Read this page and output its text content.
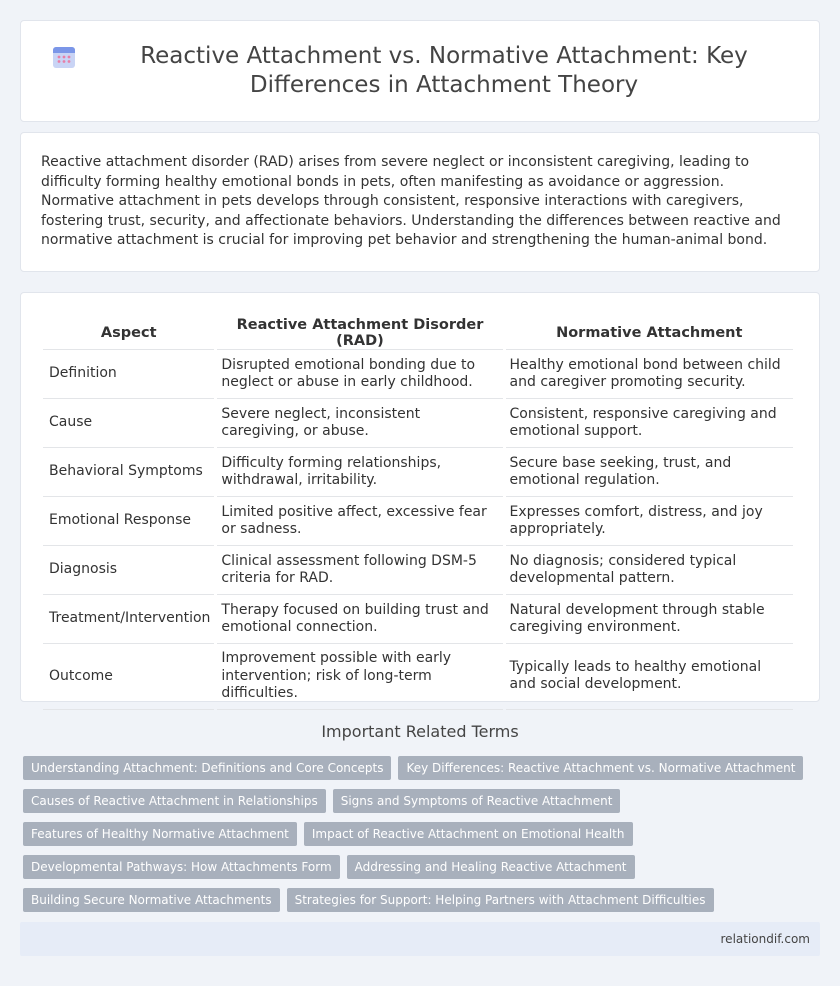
Reactive Attachment vs. Normative Attachment: Key Differences in Attachment Theory

Reactive attachment disorder (RAD) arises from severe neglect or inconsistent caregiving, leading to difficulty forming healthy emotional bonds in pets, often manifesting as avoidance or aggression. Normative attachment in pets develops through consistent, responsive interactions with caregivers, fostering trust, security, and affectionate behaviors. Understanding the differences between reactive and normative attachment is crucial for improving pet behavior and strengthening the human-animal bond.

Aspect	Reactive Attachment Disorder (RAD)	Normative Attachment
Definition	Disrupted emotional bonding due to neglect or abuse in early childhood.	Healthy emotional bond between child and caregiver promoting security.
Cause	Severe neglect, inconsistent caregiving, or abuse.	Consistent, responsive caregiving and emotional support.
Behavioral Symptoms	Difficulty forming relationships, withdrawal, irritability.	Secure base seeking, trust, and emotional regulation.
Emotional Response	Limited positive affect, excessive fear or sadness.	Expresses comfort, distress, and joy appropriately.
Diagnosis	Clinical assessment following DSM-5 criteria for RAD.	No diagnosis; considered typical developmental pattern.
Treatment/Intervention	Therapy focused on building trust and emotional connection.	Natural development through stable caregiving environment.
Outcome	Improvement possible with early intervention; risk of long-term difficulties.	Typically leads to healthy emotional and social development.
Important Related Terms
Understanding Attachment: Definitions and Core Concepts	Key Differences: Reactive Attachment vs. Normative Attachment
Causes of Reactive Attachment in Relationships	Signs and Symptoms of Reactive Attachment
Features of Healthy Normative Attachment	Impact of Reactive Attachment on Emotional Health
Developmental Pathways: How Attachments Form	Addressing and Healing Reactive Attachment
Building Secure Normative Attachments	Strategies for Support: Helping Partners with Attachment Difficulties
relationdif.com
